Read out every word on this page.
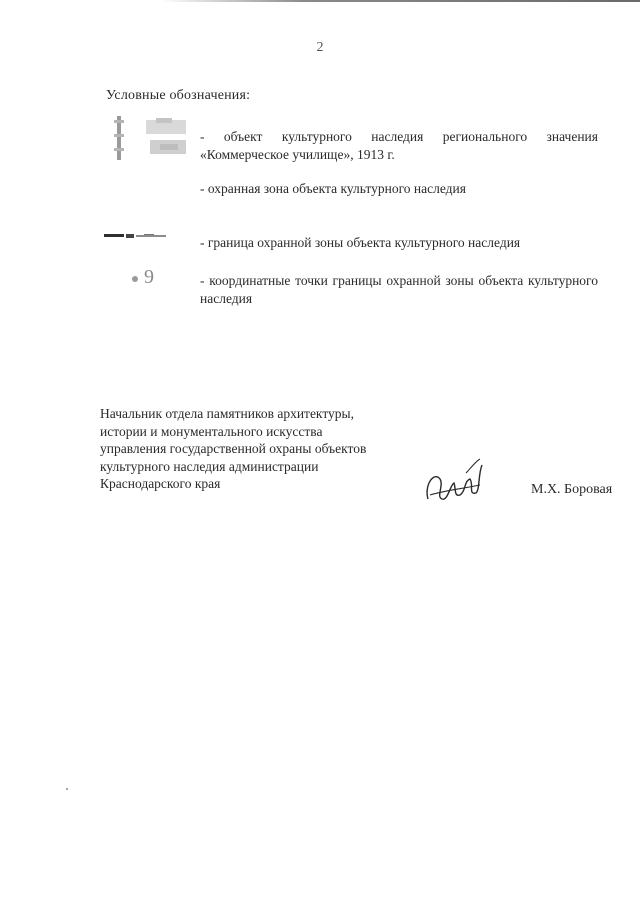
2
Условные обозначения:
- объект культурного наследия регионального значения «Коммерческое училище», 1913 г.
- охранная зона объекта культурного наследия
- граница охранной зоны объекта культурного наследия
9	- координатные точки границы охранной зоны объекта культурного наследия
Начальник отдела памятников архитектуры,
истории и монументального искусства
управления государственной охраны объектов
культурного наследия администрации
Краснодарского края	М.Х. Боровая
